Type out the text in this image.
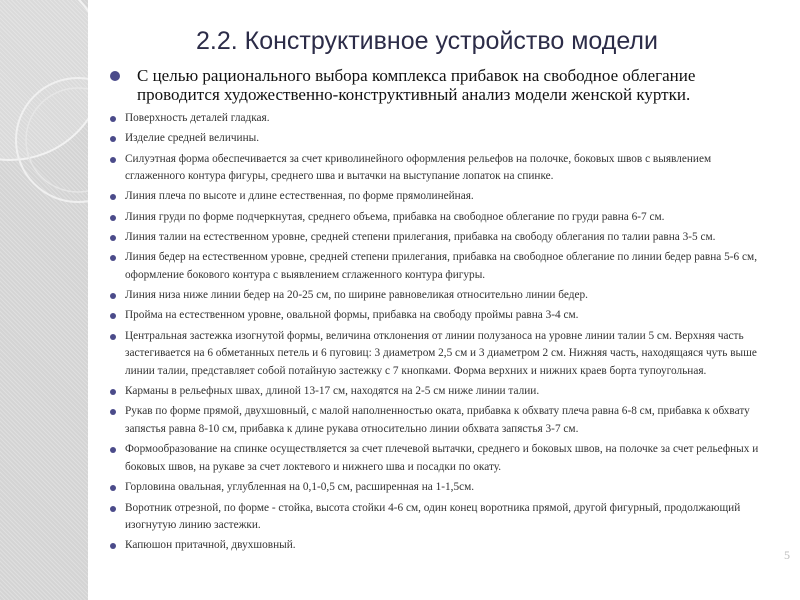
2.2. Конструктивное устройство модели
С целью рационального выбора комплекса прибавок на свободное облегание проводится художественно-конструктивный анализ модели женской куртки.
Поверхность деталей гладкая.
Изделие средней величины.
Силуэтная форма обеспечивается за счет криволинейного оформления рельефов на полочке, боковых швов с выявлением сглаженного контура фигуры, среднего шва и вытачки на выступание лопаток на спинке.
Линия плеча по высоте и длине естественная, по форме прямолинейная.
Линия груди по форме подчеркнутая, среднего объема, прибавка на свободное облегание по груди равна 6-7 см.
Линия талии на естественном уровне, средней степени прилегания, прибавка на свободу облегания по талии равна 3-5 см.
Линия бедер на естественном уровне, средней степени прилегания, прибавка на свободное облегание по линии бедер равна 5-6 см, оформление бокового контура с выявлением сглаженного контура фигуры.
Линия низа ниже линии бедер на 20-25 см, по ширине равновеликая относительно линии бедер.
Пройма на естественном уровне, овальной формы, прибавка на свободу проймы равна 3-4 см.
Центральная застежка изогнутой формы, величина отклонения от линии полузаноса на уровне линии талии 5 см. Верхняя часть застегивается на 6 обметанных петель и 6 пуговиц: 3 диаметром 2,5 см и 3 диаметром 2 см. Нижняя часть, находящаяся чуть выше линии талии, представляет собой потайную застежку с 7 кнопками. Форма верхних и нижних краев борта тупоугольная.
Карманы в рельефных швах, длиной 13-17 см, находятся на 2-5 см ниже линии талии.
Рукав по форме прямой, двухшовный, с малой наполненностью оката, прибавка к обхвату плеча равна 6-8 см, прибавка к обхвату запястья равна 8-10 см, прибавка к длине рукава относительно линии обхвата запястья 3-7 см.
Формообразование на спинке осуществляется за счет плечевой вытачки, среднего и боковых швов, на полочке за счет рельефных и боковых швов, на рукаве за счет локтевого и нижнего шва и посадки по окату.
Горловина овальная, углубленная на 0,1-0,5 см, расширенная на 1-1,5см.
Воротник отрезной, по форме - стойка, высота стойки 4-6 см, один конец воротника прямой, другой фигурный, продолжающий изогнутую линию застежки.
Капюшон притачной, двухшовный.
5
